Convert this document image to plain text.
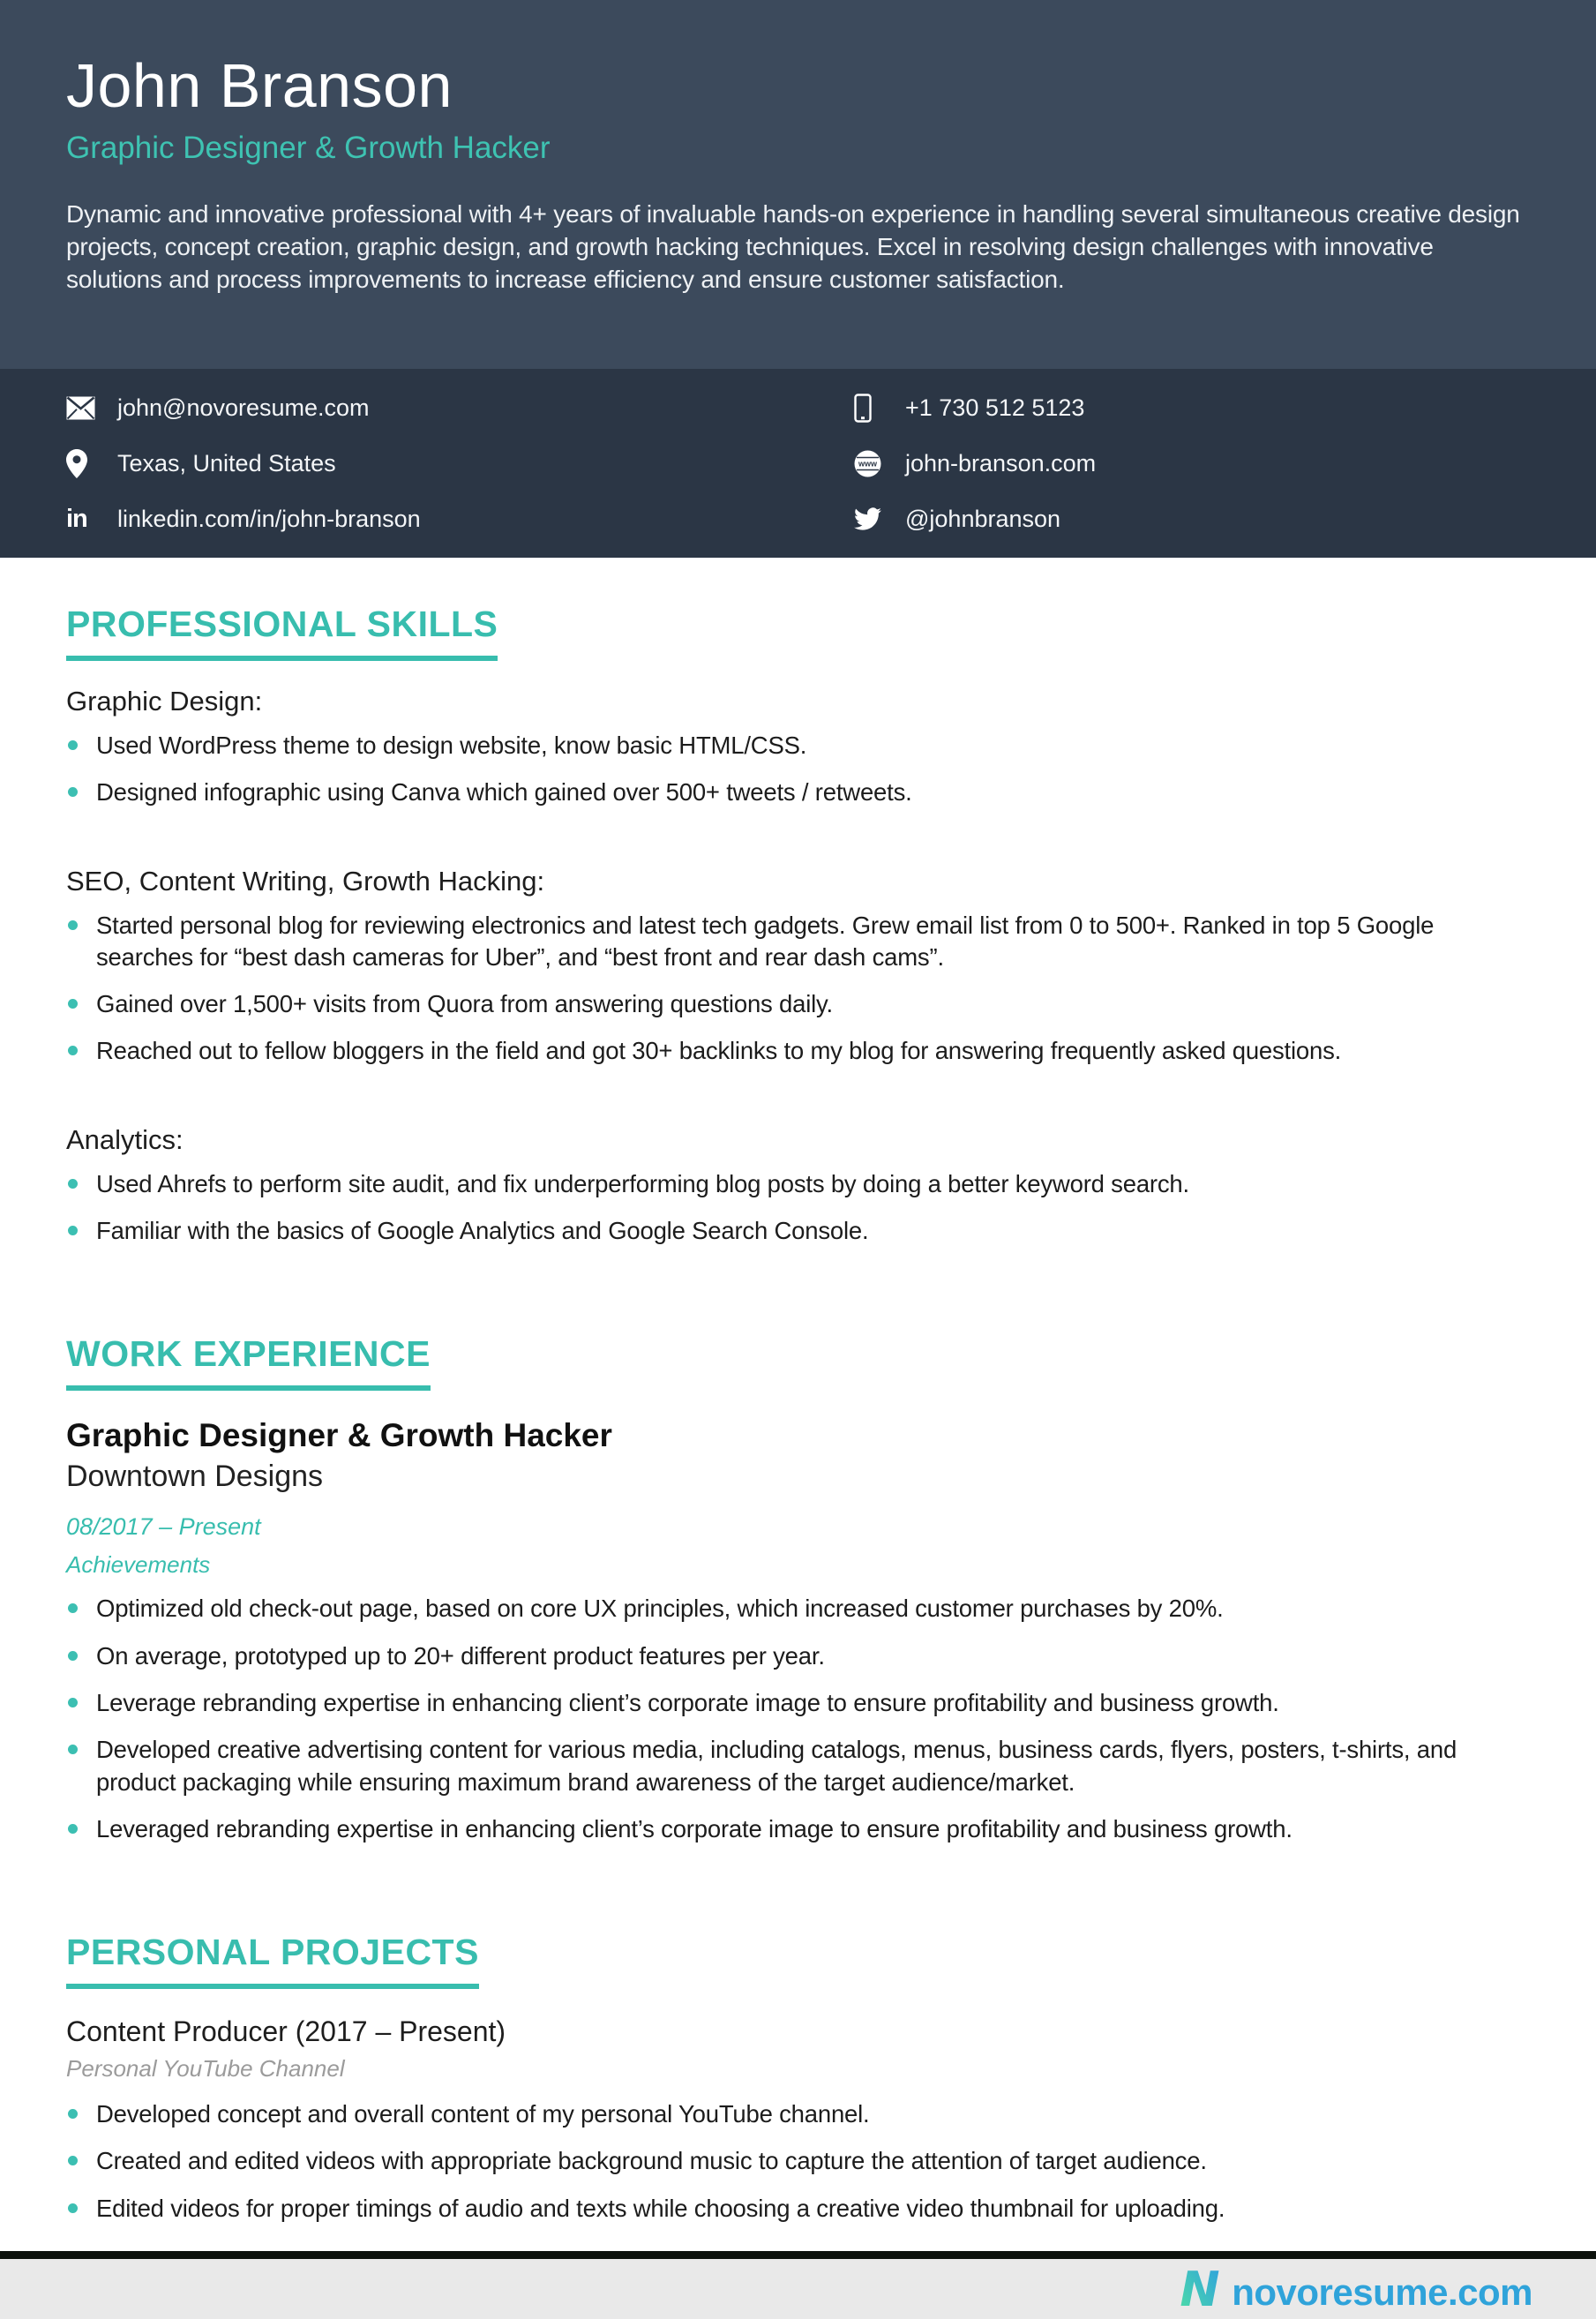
John Branson
Graphic Designer & Growth Hacker

Dynamic and innovative professional with 4+ years of invaluable hands-on experience in handling several simultaneous creative design projects, concept creation, graphic design, and growth hacking techniques. Excel in resolving design challenges with innovative solutions and process improvements to increase efficiency and ensure customer satisfaction.

john@novoresume.com	+1 730 512 5123
Texas, United States	www john-branson.com
in linkedin.com/in/john-branson	@johnbranson
PROFESSIONAL SKILLS
Graphic Design:
Used WordPress theme to design website, know basic HTML/CSS.
Designed infographic using Canva which gained over 500+ tweets / retweets.
SEO, Content Writing, Growth Hacking:
Started personal blog for reviewing electronics and latest tech gadgets. Grew email list from 0 to 500+. Ranked in top 5 Google searches for “best dash cameras for Uber”, and “best front and rear dash cams”.
Gained over 1,500+ visits from Quora from answering questions daily.
Reached out to fellow bloggers in the field and got 30+ backlinks to my blog for answering frequently asked questions.
Analytics:
Used Ahrefs to perform site audit, and fix underperforming blog posts by doing a better keyword search.
Familiar with the basics of Google Analytics and Google Search Console.
WORK EXPERIENCE
Graphic Designer & Growth Hacker
Downtown Designs
08/2017 – Present
Achievements
Optimized old check-out page, based on core UX principles, which increased customer purchases by 20%.
On average, prototyped up to 20+ different product features per year.
Leverage rebranding expertise in enhancing client’s corporate image to ensure profitability and business growth.
Developed creative advertising content for various media, including catalogs, menus, business cards, flyers, posters, t-shirts, and product packaging while ensuring maximum brand awareness of the target audience/market.
Leveraged rebranding expertise in enhancing client’s corporate image to ensure profitability and business growth.
PERSONAL PROJECTS
Content Producer (2017 – Present)
Personal YouTube Channel
Developed concept and overall content of my personal YouTube channel.
Created and edited videos with appropriate background music to capture the attention of target audience.
Edited videos for proper timings of audio and texts while choosing a creative video thumbnail for uploading.
N novoresume.com
